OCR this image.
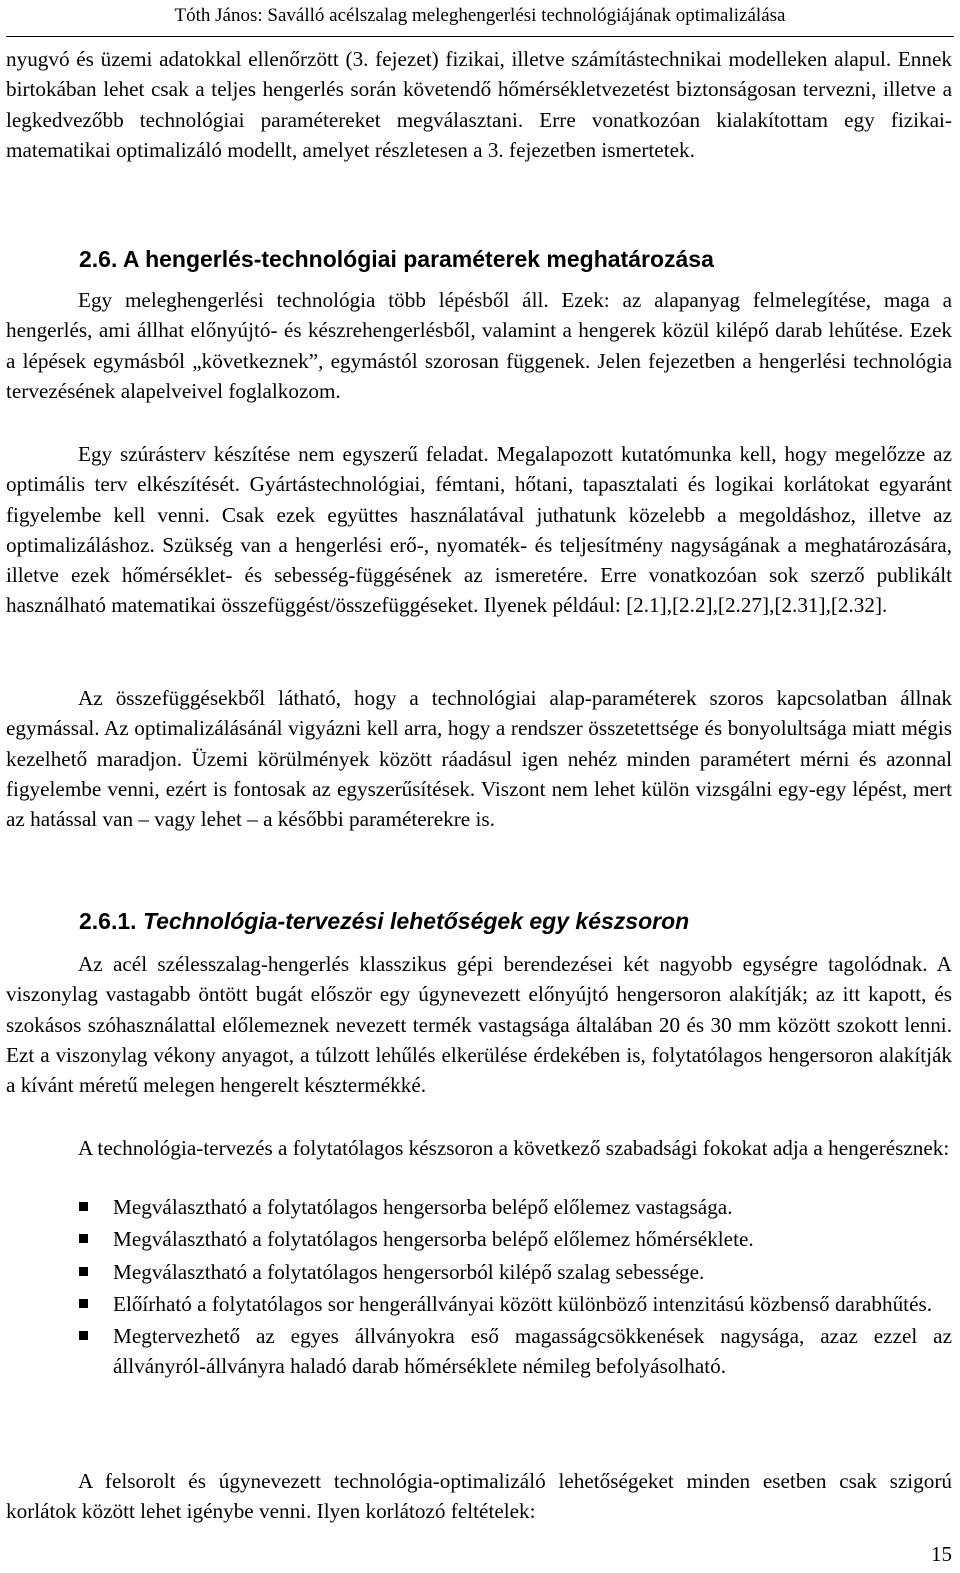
Tóth János: Saválló acélszalag meleghengerlési technológiájának optimalizálása

nyugvó és üzemi adatokkal ellenőrzött (3. fejezet) fizikai, illetve számítástechnikai modelleken alapul. Ennek birtokában lehet csak a teljes hengerlés során követendő hőmérsékletvezetést biztonságosan tervezni, illetve a legkedvezőbb technológiai paramétereket megválasztani. Erre vonatkozóan kialakítottam egy fizikai-matematikai optimalizáló modellt, amelyet részletesen a 3. fejezetben ismertetek.

2.6. A hengerlés-technológiai paraméterek meghatározása

Egy meleghengerlési technológia több lépésből áll. Ezek: az alapanyag felmelegítése, maga a hengerlés, ami állhat előnyújtó- és készrehengerlésből, valamint a hengerek közül kilépő darab lehűtése. Ezek a lépések egymásból „következnek”, egymástól szorosan függenek. Jelen fejezetben a hengerlési technológia tervezésének alapelveivel foglalkozom.

Egy szúrásterv készítése nem egyszerű feladat. Megalapozott kutatómunka kell, hogy megelőzze az optimális terv elkészítését. Gyártástechnológiai, fémtani, hőtani, tapasztalati és logikai korlátokat egyaránt figyelembe kell venni. Csak ezek együttes használatával juthatunk közelebb a megoldáshoz, illetve az optimalizáláshoz. Szükség van a hengerlési erő-, nyomaték- és teljesítmény nagyságának a meghatározására, illetve ezek hőmérséklet- és sebesség-függésének az ismeretére. Erre vonatkozóan sok szerző publikált használható matematikai összefüggést/összefüggéseket. Ilyenek például: [2.1],[2.2],[2.27],[2.31],[2.32].

Az összefüggésekből látható, hogy a technológiai alap-paraméterek szoros kapcsolatban állnak egymással. Az optimalizálásánál vigyázni kell arra, hogy a rendszer összetettsége és bonyolultsága miatt mégis kezelhető maradjon. Üzemi körülmények között ráadásul igen nehéz minden paramétert mérni és azonnal figyelembe venni, ezért is fontosak az egyszerűsítések. Viszont nem lehet külön vizsgálni egy-egy lépést, mert az hatással van – vagy lehet – a későbbi paraméterekre is.

2.6.1. Technológia-tervezési lehetőségek egy készsoron

Az acél szélesszalag-hengerlés klasszikus gépi berendezései két nagyobb egységre tagolódnak. A viszonylag vastagabb öntött bugát először egy úgynevezett előnyújtó hengersoron alakítják; az itt kapott, és szokásos szóhasználattal előlemeznek nevezett termék vastagsága általában 20 és 30 mm között szokott lenni. Ezt a viszonylag vékony anyagot, a túlzott lehűlés elkerülése érdekében is, folytatólagos hengersoron alakítják a kívánt méretű melegen hengerelt késztermékké.

A technológia-tervezés a folytatólagos készsoron a következő szabadsági fokokat adja a hengerésznek:

Megválasztható a folytatólagos hengersorba belépő előlemez vastagsága.
Megválasztható a folytatólagos hengersorba belépő előlemez hőmérséklete.
Megválasztható a folytatólagos hengersorból kilépő szalag sebessége.
Előírható a folytatólagos sor hengerállványai között különböző intenzitású közbenső darabhűtés.
Megtervezhető az egyes állványokra eső magasságcsökkenések nagysága, azaz ezzel az állványról-állványra haladó darab hőmérséklete némileg befolyásolható.

A felsorolt és úgynevezett technológia-optimalizáló lehetőségeket minden esetben csak szigorú korlátok között lehet igénybe venni. Ilyen korlátozó feltételek:

15
